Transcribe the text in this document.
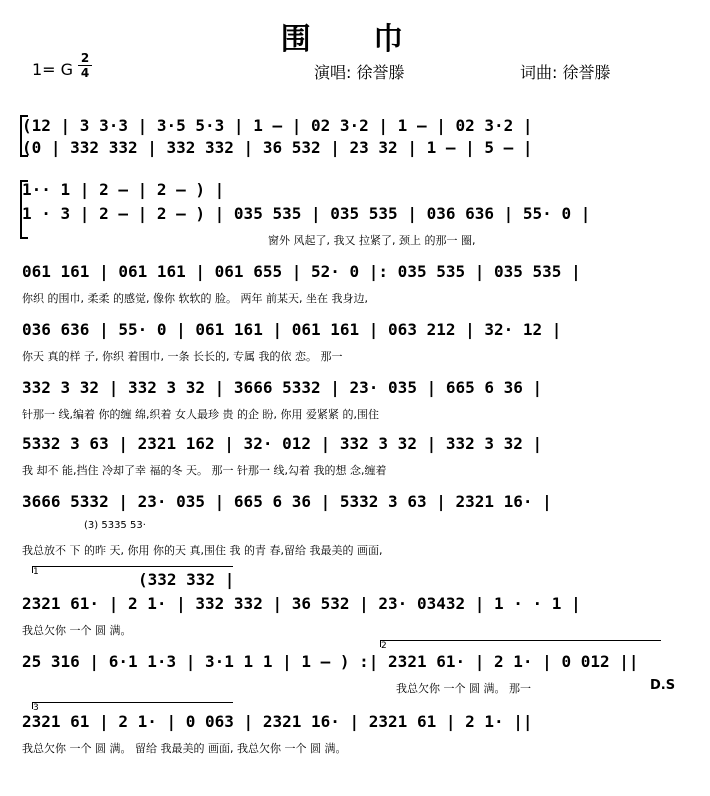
围 巾
1= G
2
4	演唱: 徐誉滕	词曲: 徐誉滕
(12 | 3 3·3 | 3·5 5·3 | 1 – | 02 3·2 | 1 – | 02 3·2 |
(0 | 332 332 | 332 332 | 36 532 | 23 32 | 1 – | 5 – |
1·· 1 | 2 – | 2 – ) |
1 · 3 | 2 – | 2 – ) | 035 535 | 035 535 | 036 636 | 55· 0 |
窗外 风起了, 我又 拉紧了, 颈上 的那一 圈,
061 161 | 061 161 | 061 655 | 52· 0 |: 035 535 | 035 535 |
你织 的围巾, 柔柔 的感觉, 像你 软软的 脸。 两年 前某天, 坐在 我身边,
036 636 | 55· 0 | 061 161 | 061 161 | 063 212 | 32· 12 |
你天 真的样 子, 你织 着围巾, 一条 长长的, 专属 我的依 恋。 那一
332 3 32 | 332 3 32 | 3666 5332 | 23· 035 | 665 6 36 |
针那一 线,编着 你的缠 绵,织着 女人最珍 贵 的企 盼, 你用 爱紧紧 的,围住
5332 3 63 | 2321 162 | 32· 012 | 332 3 32 | 332 3 32 |
我 却不 能,挡住 冷却了幸 福的冬 天。 那一 针那一 线,勾着 我的想 念,缠着
3666 5332 | 23· 035 | 665 6 36 | 5332 3 63 | 2321 16· |
(3) 5335 53·
我总放不 下 的昨 天, 你用 你的天 真,围住 我 的青 春,留给 我最美的 画面,
1	(332 332 |
2321 61· | 2 1· | 332 332 | 36 532 | 23· 03432 | 1 · · 1 |
我总欠你 一个 圆 满。
2
25 316 | 6·1 1·3 | 3·1 1 1 | 1 – ) :| 2321 61· | 2 1· | 0 012 ||
我总欠你 一个 圆 满。 那一	D.S
3
2321 61 | 2 1· | 0 063 | 2321 16· | 2321 61 | 2 1· ||
我总欠你 一个 圆 满。 留给 我最美的 画面, 我总欠你 一个 圆 满。
